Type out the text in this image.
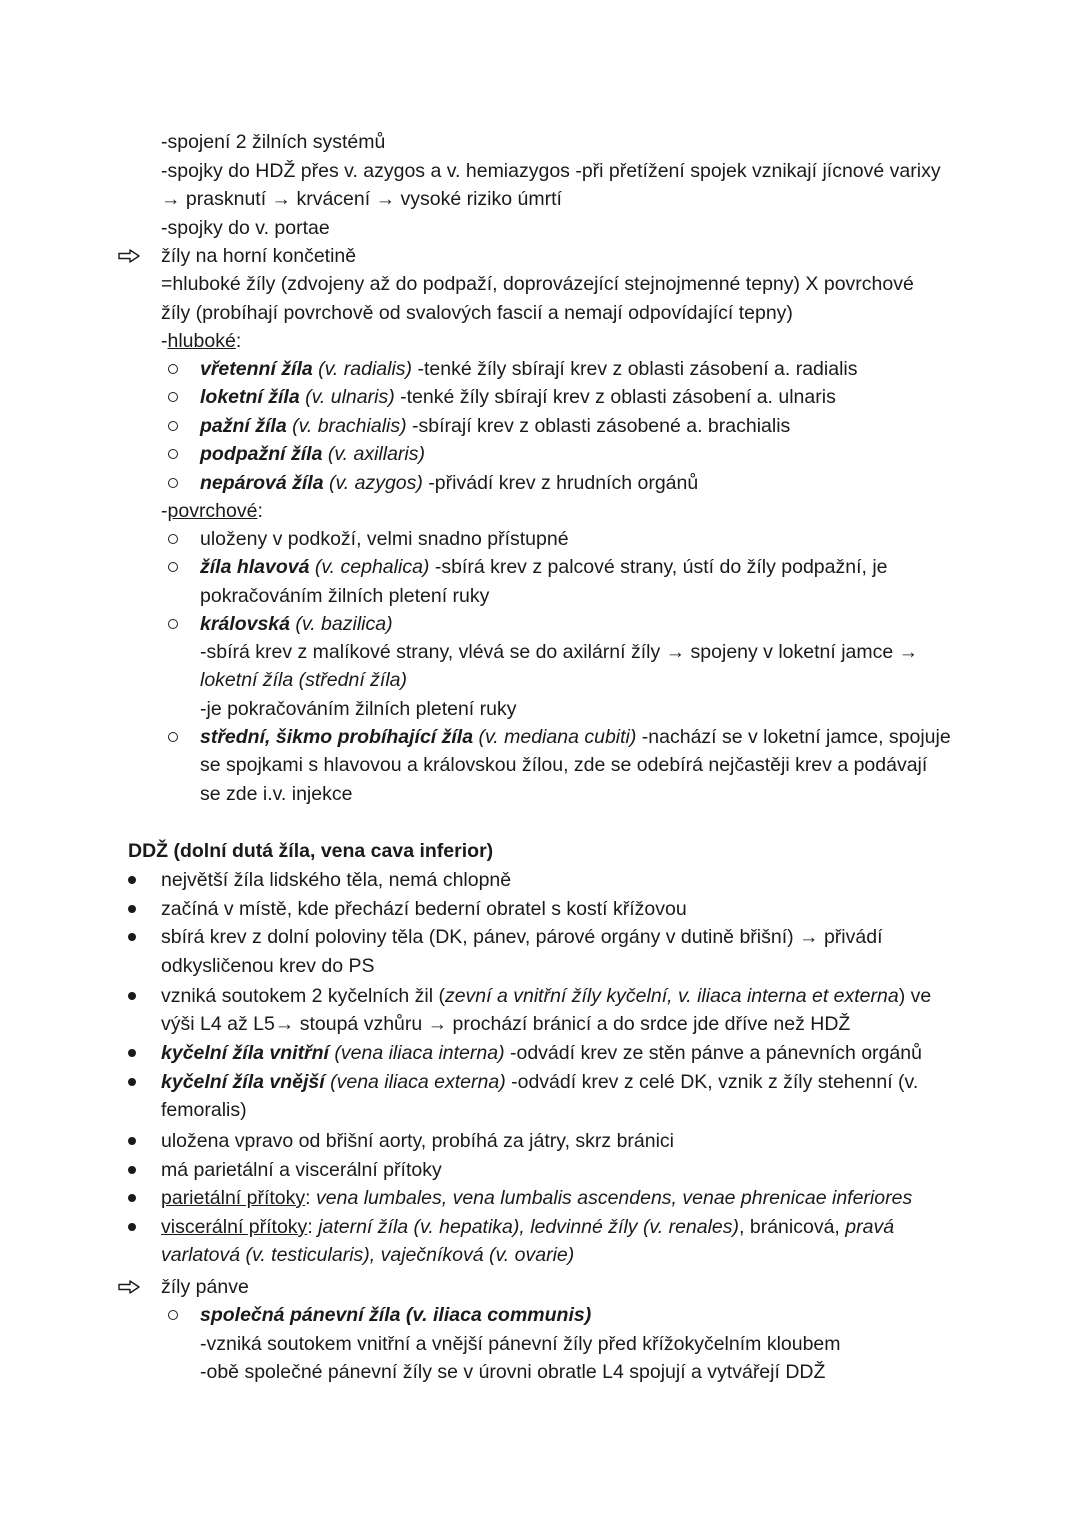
-spojení 2 žilních systémů
-spojky do HDŽ přes v. azygos a v. hemiazygos -při přetížení spojek vznikají jícnové varixy
→ prasknutí → krvácení → vysoké riziko úmrtí
-spojky do v. portae
žíly na horní končetině
=hluboké žíly (zdvojeny až do podpaží, doprovázející stejnojmenné tepny) X povrchové
žíly (probíhají povrchově od svalových fascií a nemají odpovídající tepny)
-hluboké:
vřetenní žíla (v. radialis) -tenké žíly sbírají krev z oblasti zásobení a. radialis
loketní žíla (v. ulnaris) -tenké žíly sbírají krev z oblasti zásobení a. ulnaris
pažní žíla (v. brachialis) -sbírají krev z oblasti zásobené a. brachialis
podpažní žíla (v. axillaris)
nepárová žíla (v. azygos) -přivádí krev z hrudních orgánů
-povrchové:
uloženy v podkoží, velmi snadno přístupné
žíla hlavová (v. cephalica) -sbírá krev z palcové strany, ústí do žíly podpažní, je
pokračováním žilních pletení ruky
královská (v. bazilica)
-sbírá krev z malíkové strany, vlévá se do axilární žíly → spojeny v loketní jamce →
loketní žíla (střední žíla)
-je pokračováním žilních pletení ruky
střední, šikmo probíhající žíla (v. mediana cubiti) -nachází se v loketní jamce, spojuje
se spojkami s hlavovou a královskou žílou, zde se odebírá nejčastěji krev a podávají
se zde i.v. injekce
DDŽ (dolní dutá žíla, vena cava inferior)
největší žíla lidského těla, nemá chlopně
začíná v místě, kde přechází bederní obratel s kostí křížovou
sbírá krev z dolní poloviny těla (DK, pánev, párové orgány v dutině břišní) → přivádí
odkysličenou krev do PS
vzniká soutokem 2 kyčelních žil (zevní a vnitřní žíly kyčelní, v. iliaca interna et externa) ve
výši L4 až L5→ stoupá vzhůru → prochází bránicí a do srdce jde dříve než HDŽ
kyčelní žíla vnitřní (vena iliaca interna) -odvádí krev ze stěn pánve a pánevních orgánů
kyčelní žíla vnější (vena iliaca externa) -odvádí krev z celé DK, vznik z žíly stehenní (v.
femoralis)
uložena vpravo od břišní aorty, probíhá za játry, skrz bránici
má parietální a viscerální přítoky
parietální přítoky: vena lumbales, vena lumbalis ascendens, venae phrenicae inferiores
viscerální přítoky: jaterní žíla (v. hepatika), ledvinné žíly (v. renales), bránicová, pravá
varlatová (v. testicularis), vaječníková (v. ovarie)
žíly pánve
společná pánevní žíla (v. iliaca communis)
-vzniká soutokem vnitřní a vnější pánevní žíly před křížokyčelním kloubem
-obě společné pánevní žíly se v úrovni obratle L4 spojují a vytvářejí DDŽ
